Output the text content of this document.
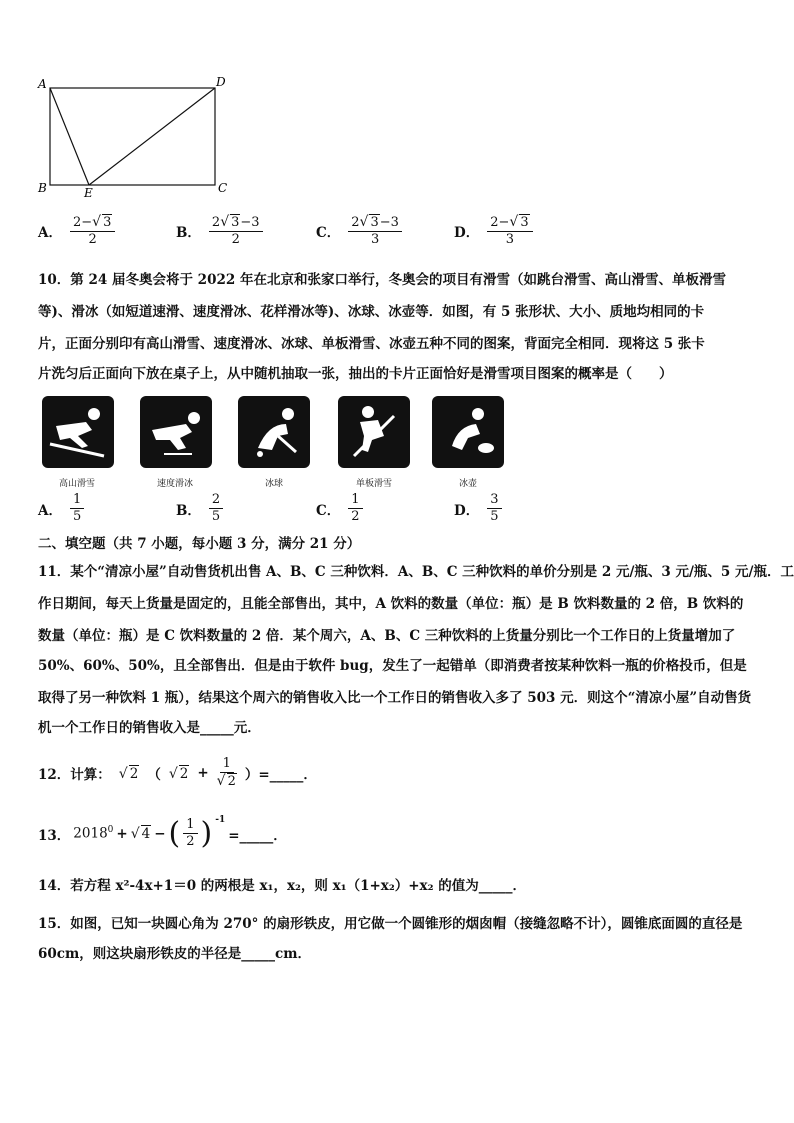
A	D
B	E	C
A． $\frac{2-√ 3}{2}$	B． $\frac{2√ 3-3}{2}$	C． $\frac{2√ 3-3}{3}$	D． $\frac{2-√ 3}{3}$
10．第 24 届冬奥会将于 2022 年在北京和张家口举行，冬奥会的项目有滑雪（如跳台滑雪、高山滑雪、单板滑雪
等)、滑冰（如短道速滑、速度滑冰、花样滑冰等)、冰球、冰壶等．如图，有 5 张形状、大小、质地均相同的卡
片，正面分别印有高山滑雪、速度滑冰、冰球、单板滑雪、冰壶五种不同的图案，背面完全相同．现将这 5 张卡
片洗匀后正面向下放在桌子上，从中随机抽取一张，抽出的卡片正面恰好是滑雪项目图案的概率是（　　）
高山滑雪	速度滑冰	冰球	单板滑雪	冰壶
A． $\frac{1}{5}$	B． $\frac{2}{5}$	C． $\frac{1}{2}$	D． $\frac{3}{5}$
二、填空题（共 7 小题，每小题 3 分，满分 21 分）
11．某个“清凉小屋”自动售货机出售 A、B、C 三种饮料．A、B、C 三种饮料的单价分别是 2 元/瓶、3 元/瓶、5 元/瓶．工
作日期间，每天上货量是固定的，且能全部售出，其中，A 饮料的数量（单位：瓶）是 B 饮料数量的 2 倍，B 饮料的
数量（单位：瓶）是 C 饮料数量的 2 倍．某个周六，A、B、C 三种饮料的上货量分别比一个工作日的上货量增加了
50%、60%、50%，且全部售出．但是由于软件 bug，发生了一起错单（即消费者按某种饮料一瓶的价格投币，但是
取得了另一种饮料 1 瓶），结果这个周六的销售收入比一个工作日的销售收入多了 503 元．则这个“清凉小屋”自动售货
机一个工作日的销售收入是_____元．
12．计算： √ 2 （ √ $2 + \frac{1}{√ 2}$ ）=_____．
13． $2018^0$ + √ 4 − ( $\frac{1}{2}$ ) $^{-1}$
=_____．
14．若方程 x²-4x+1＝0 的两根是 x₁，x₂，则 x₁（1+x₂）+x₂ 的值为_____．
15．如图，已知一块圆心角为 270° 的扇形铁皮，用它做一个圆锥形的烟囱帽（接缝忽略不计），圆锥底面圆的直径是
60cm，则这块扇形铁皮的半径是_____cm．
